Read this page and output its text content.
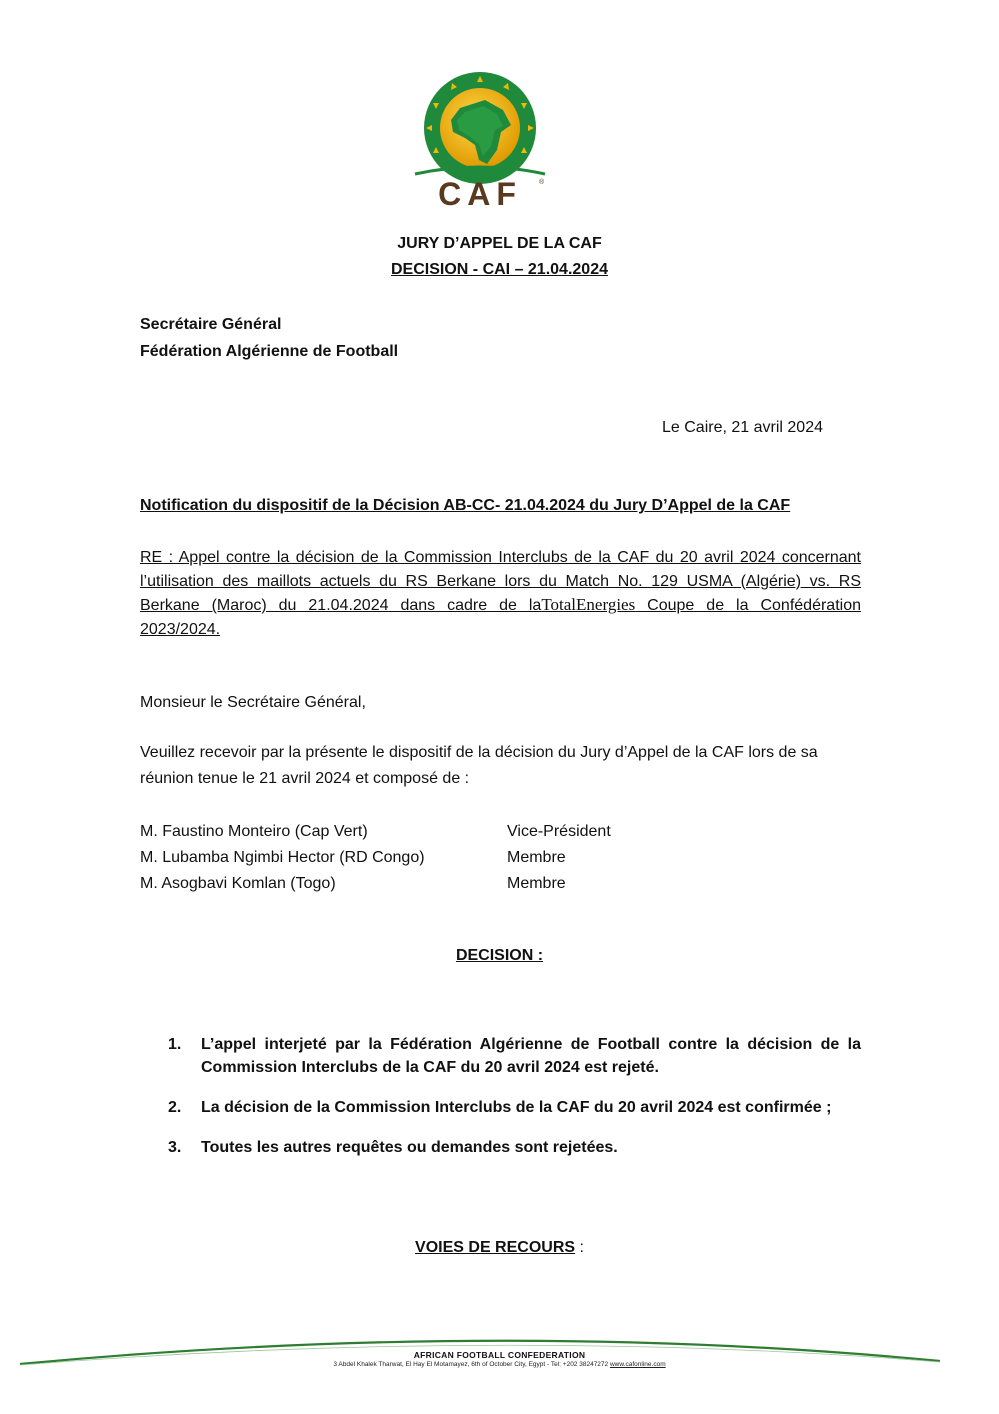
CAF ®
JURY D’APPEL DE LA CAF
DECISION - CAI – 21.04.2024
Secrétaire Général
Fédération Algérienne de Football
Le Caire, 21 avril 2024
Notification du dispositif de la Décision AB-CC- 21.04.2024 du Jury D’Appel de la CAF
RE : Appel contre la décision de la Commission Interclubs de la CAF du 20 avril 2024 concernant l’utilisation des maillots actuels du RS Berkane lors du Match No. 129 USMA (Algérie) vs. RS Berkane (Maroc) du 21.04.2024 dans cadre de laTotalEnergies Coupe de la Confédération 2023/2024.
Monsieur le Secrétaire Général,
Veuillez recevoir par la présente le dispositif de la décision du Jury d’Appel de la CAF lors de sa réunion tenue le 21 avril 2024 et composé de :
M. Faustino Monteiro (Cap Vert)	Vice-Président
M. Lubamba Ngimbi Hector (RD Congo)	Membre
M. Asogbavi Komlan (Togo)	Membre
DECISION :
1.	L’appel interjeté par la Fédération Algérienne de Football contre la décision de la Commission Interclubs de la CAF du 20 avril 2024 est rejeté.
2.	La décision de la Commission Interclubs de la CAF du 20 avril 2024 est confirmée ;
3.	Toutes les autres requêtes ou demandes sont rejetées.
VOIES DE RECOURS :
AFRICAN FOOTBALL CONFEDERATION
3 Abdel Khalek Tharwat, El Hay El Motamayez, 6th of October City, Egypt - Tel: +202 38247272 www.cafonline.com
